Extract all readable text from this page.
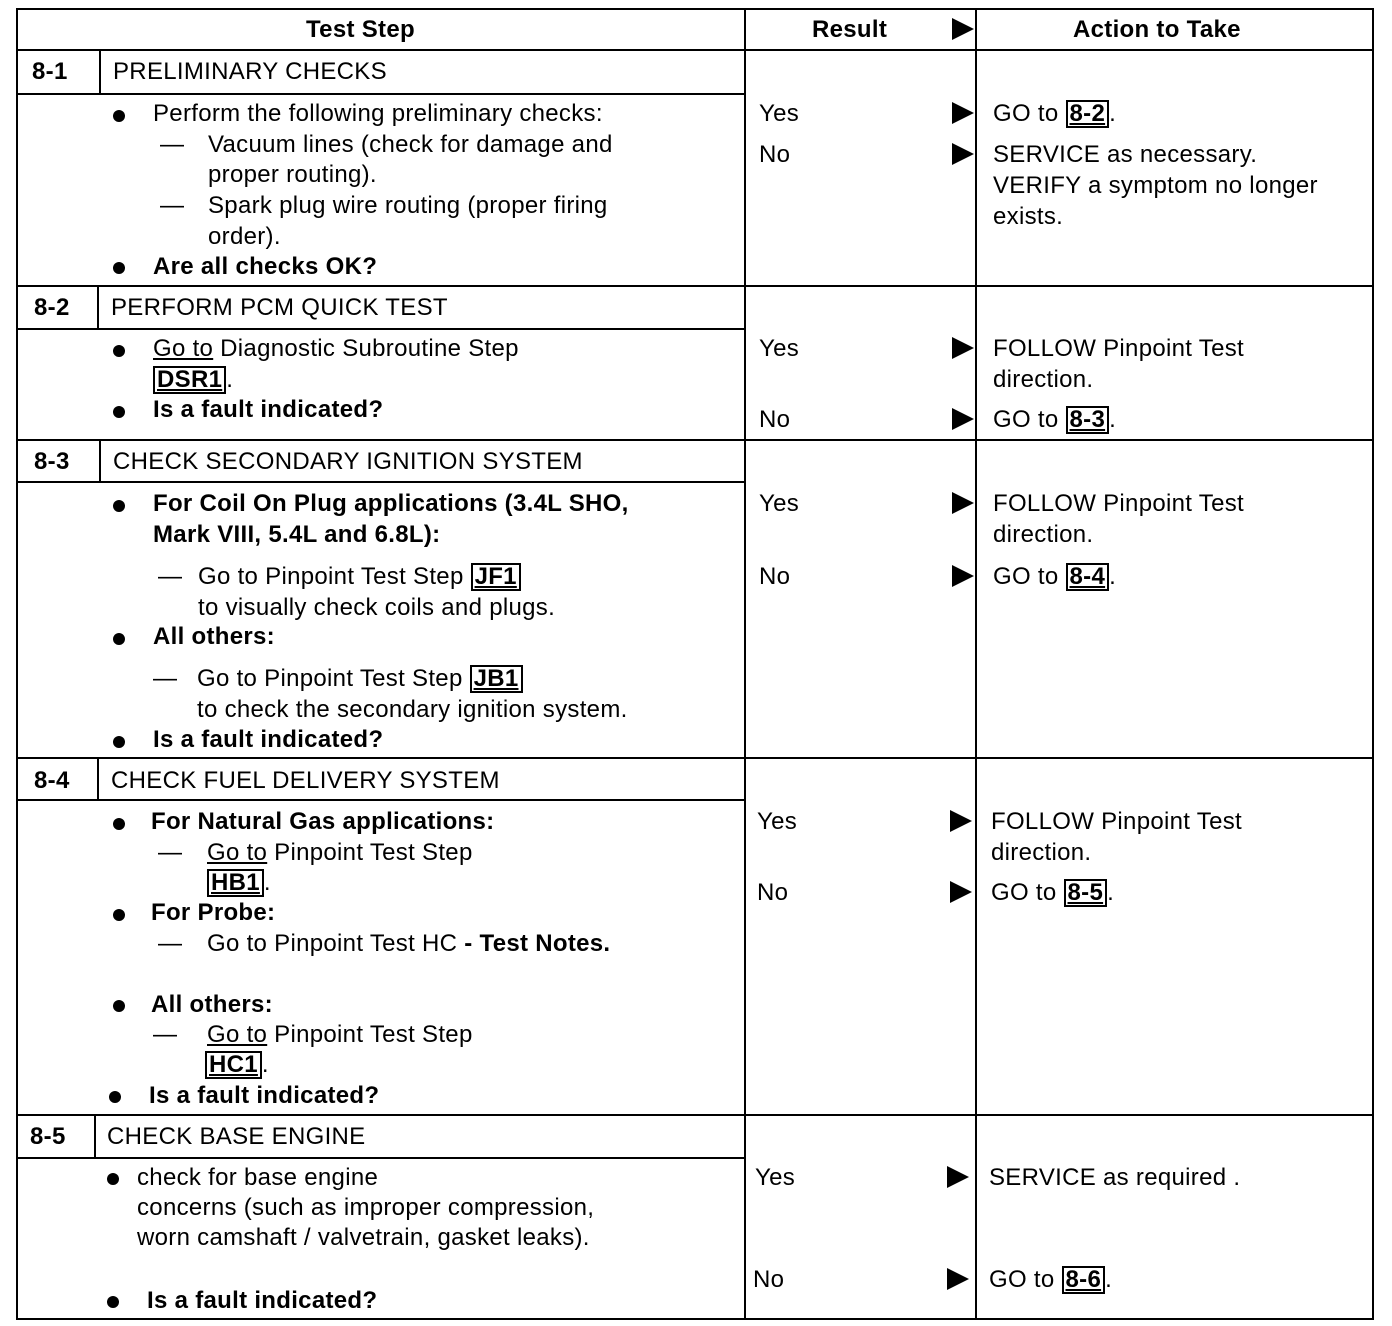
Test Step	Result	Action to Take
8-1 PRELIMINARY CHECKS
Perform the following preliminary checks:
— Vacuum lines (check for damage and
proper routing).
— Spark plug wire routing (proper firing
order).
Are all checks OK?
Yes
No
GO to 8-2 .
SERVICE as necessary.
VERIFY a symptom no longer
exists.
8-2 PERFORM PCM QUICK TEST
Go to Diagnostic Subroutine Step
DSR1 .
Is a fault indicated?
Yes
No
FOLLOW Pinpoint Test
direction.
GO to 8-3 .
8-3 CHECK SECONDARY IGNITION SYSTEM
For Coil On Plug applications (3.4L SHO,
Mark VIII, 5.4L and 6.8L):
— Go to Pinpoint Test Step JF1
to visually check coils and plugs.
All others:
— Go to Pinpoint Test Step JB1
to check the secondary ignition system.
Is a fault indicated?
Yes
No
FOLLOW Pinpoint Test
direction.
GO to 8-4 .
8-4 CHECK FUEL DELIVERY SYSTEM
For Natural Gas applications:
— Go to Pinpoint Test Step
HB1 .
For Probe:
— Go to Pinpoint Test HC - Test Notes.
All others:
— Go to Pinpoint Test Step
HC1 .
Is a fault indicated?
Yes
No
FOLLOW Pinpoint Test
direction.
GO to 8-5 .
8-5 CHECK BASE ENGINE
check for base engine
concerns (such as improper compression,
worn camshaft / valvetrain, gasket leaks).
Is a fault indicated?
Yes
No
SERVICE as required .
GO to 8-6 .
